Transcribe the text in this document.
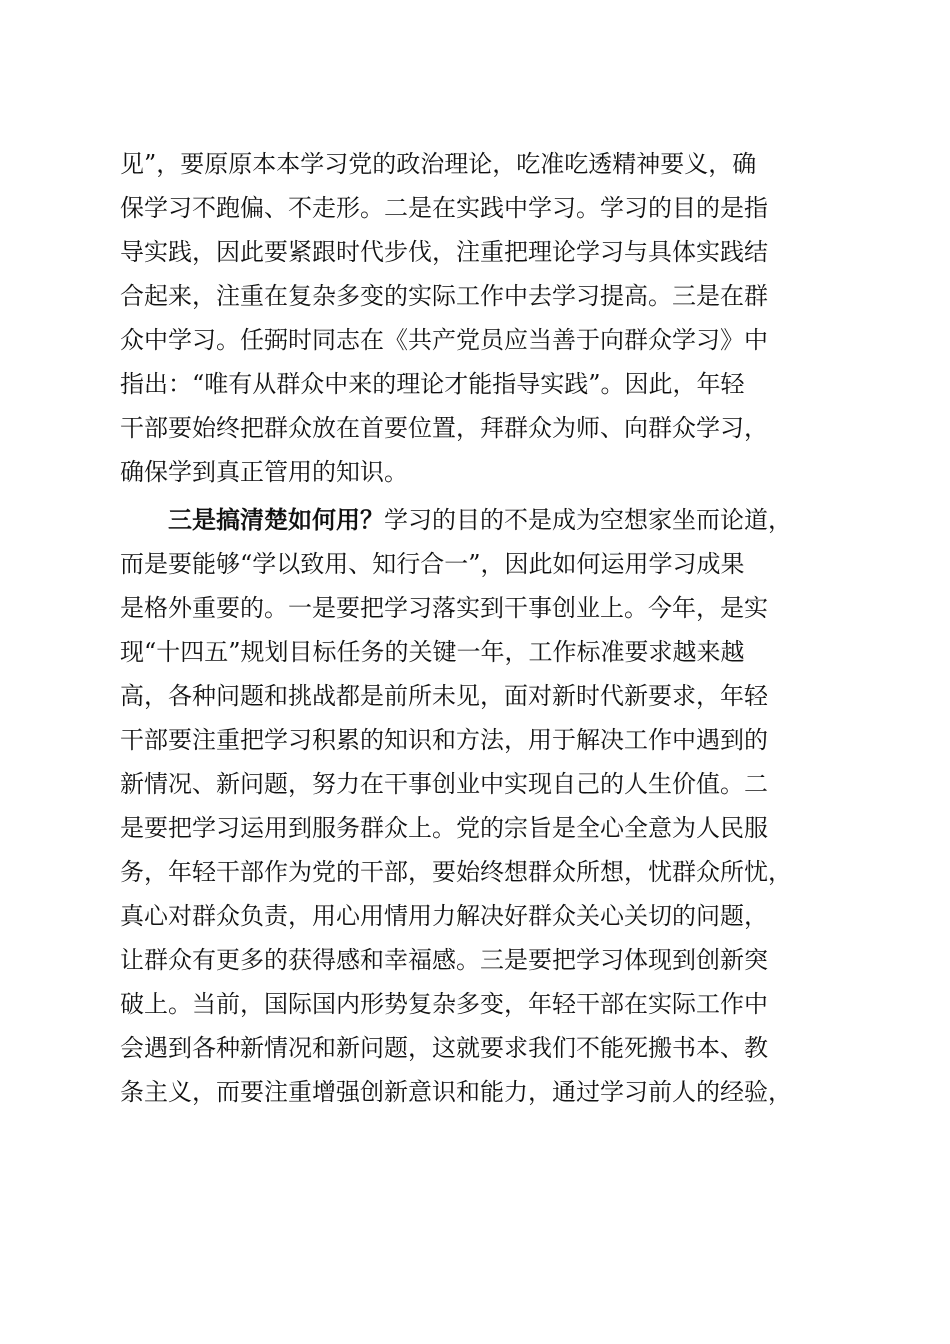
见”，要原原本本学习党的政治理论，吃准吃透精神要义，确
保学习不跑偏、不走形。二是在实践中学习。学习的目的是指
导实践，因此要紧跟时代步伐，注重把理论学习与具体实践结
合起来，注重在复杂多变的实际工作中去学习提高。三是在群
众中学习。任弼时同志在《共产党员应当善于向群众学习》中
指出：“唯有从群众中来的理论才能指导实践”。因此，年轻
干部要始终把群众放在首要位置，拜群众为师、向群众学习，
确保学到真正管用的知识。
三是搞清楚如何用？学习的目的不是成为空想家坐而论道，
而是要能够“学以致用、知行合一”，因此如何运用学习成果
是格外重要的。一是要把学习落实到干事创业上。今年，是实
现“十四五”规划目标任务的关键一年，工作标准要求越来越
高，各种问题和挑战都是前所未见，面对新时代新要求，年轻
干部要注重把学习积累的知识和方法，用于解决工作中遇到的
新情况、新问题，努力在干事创业中实现自己的人生价值。二
是要把学习运用到服务群众上。党的宗旨是全心全意为人民服
务，年轻干部作为党的干部，要始终想群众所想，忧群众所忧，
真心对群众负责，用心用情用力解决好群众关心关切的问题，
让群众有更多的获得感和幸福感。三是要把学习体现到创新突
破上。当前，国际国内形势复杂多变，年轻干部在实际工作中
会遇到各种新情况和新问题，这就要求我们不能死搬书本、教
条主义，而要注重增强创新意识和能力，通过学习前人的经验，
